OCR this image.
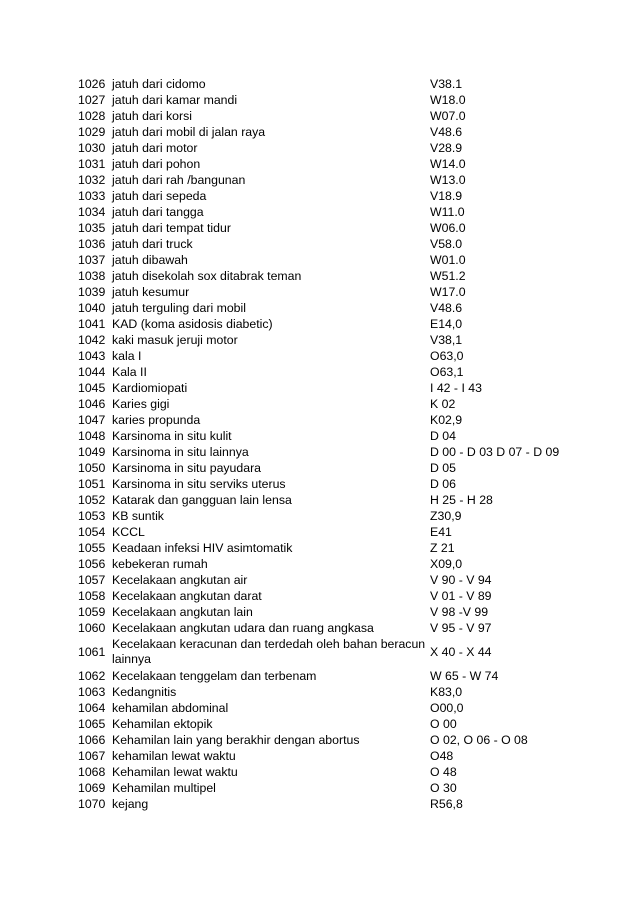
1026	jatuh dari cidomo	V38.1
1027	jatuh dari kamar mandi	W18.0
1028	jatuh dari korsi	W07.0
1029	jatuh dari mobil di jalan raya	V48.6
1030	jatuh dari motor	V28.9
1031	jatuh dari pohon	W14.0
1032	jatuh dari rah /bangunan	W13.0
1033	jatuh dari sepeda	V18.9
1034	jatuh dari tangga	W11.0
1035	jatuh dari tempat tidur	W06.0
1036	jatuh dari truck	V58.0
1037	jatuh dibawah	W01.0
1038	jatuh disekolah sox ditabrak teman	W51.2
1039	jatuh kesumur	W17.0
1040	jatuh terguling dari mobil	V48.6
1041	KAD (koma asidosis diabetic)	E14,0
1042	kaki masuk jeruji motor	V38,1
1043	kala I	O63,0
1044	Kala II	O63,1
1045	Kardiomiopati	I 42 - I 43
1046	Karies gigi	K 02
1047	karies propunda	K02,9
1048	Karsinoma in situ kulit	D 04
1049	Karsinoma in situ lainnya	D 00 - D 03 D 07 - D 09
1050	Karsinoma in situ payudara	D 05
1051	Karsinoma in situ serviks uterus	D 06
1052	Katarak dan gangguan lain lensa	H 25 - H 28
1053	KB suntik	Z30,9
1054	KCCL	E41
1055	Keadaan infeksi HIV asimtomatik	Z 21
1056	kebekeran rumah	X09,0
1057	Kecelakaan angkutan air	V 90 - V 94
1058	Kecelakaan angkutan darat	V 01 - V 89
1059	Kecelakaan angkutan lain	V 98 -V 99
1060	Kecelakaan angkutan udara dan ruang angkasa	V 95 - V 97
1061	Kecelakaan keracunan dan terdedah oleh bahan beracun lainnya	X 40 - X 44
1062	Kecelakaan tenggelam dan terbenam	W 65 - W 74
1063	Kedangnitis	K83,0
1064	kehamilan abdominal	O00,0
1065	Kehamilan ektopik	O 00
1066	Kehamilan lain yang berakhir dengan abortus	O 02, O 06 - O 08
1067	kehamilan lewat waktu	O48
1068	Kehamilan lewat waktu	O 48
1069	Kehamilan multipel	O 30
1070	kejang	R56,8
